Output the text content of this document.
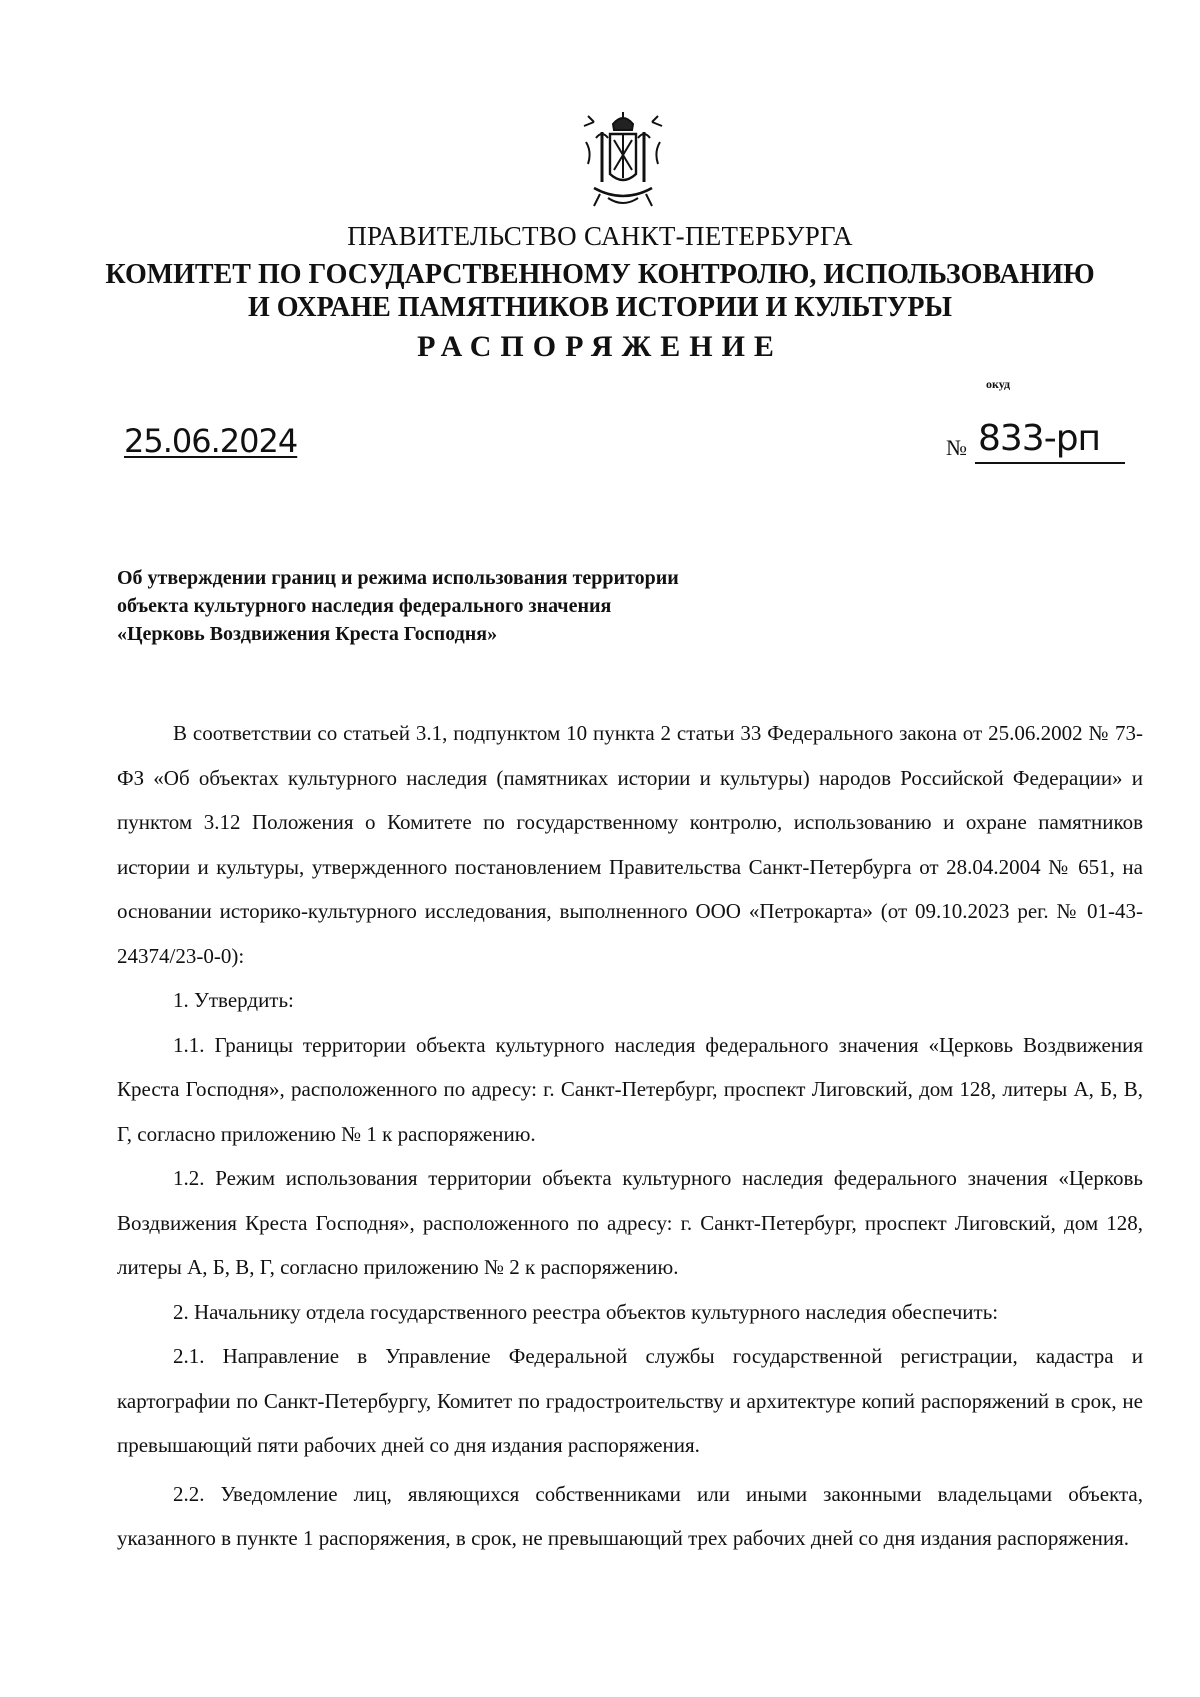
ПРАВИТЕЛЬСТВО САНКТ-ПЕТЕРБУРГА
КОМИТЕТ ПО ГОСУДАРСТВЕННОМУ КОНТРОЛЮ, ИСПОЛЬЗОВАНИЮ
И ОХРАНЕ ПАМЯТНИКОВ ИСТОРИИ И КУЛЬТУРЫ
РАСПОРЯЖЕНИЕ
окуд
25.06.2024	№ 833-рп
Об утверждении границ и режима использования территории
объекта культурного наследия федерального значения
«Церковь Воздвижения Креста Господня»

В соответствии со статьей 3.1, подпунктом 10 пункта 2 статьи 33 Федерального закона от 25.06.2002 № 73-ФЗ «Об объектах культурного наследия (памятниках истории и культуры) народов Российской Федерации» и пунктом 3.12 Положения о Комитете по государственному контролю, использованию и охране памятников истории и культуры, утвержденного постановлением Правительства Санкт-Петербурга от 28.04.2004 № 651, на основании историко-культурного исследования, выполненного ООО «Петрокарта» (от 09.10.2023 рег. № 01-43-24374/23-0-0):

1. Утвердить:

1.1. Границы территории объекта культурного наследия федерального значения «Церковь Воздвижения Креста Господня», расположенного по адресу: г. Санкт-Петербург, проспект Лиговский, дом 128, литеры А, Б, В, Г, согласно приложению № 1 к распоряжению.

1.2. Режим использования территории объекта культурного наследия федерального значения «Церковь Воздвижения Креста Господня», расположенного по адресу: г. Санкт-Петербург, проспект Лиговский, дом 128, литеры А, Б, В, Г, согласно приложению № 2 к распоряжению.

2. Начальнику отдела государственного реестра объектов культурного наследия обеспечить:

2.1. Направление в Управление Федеральной службы государственной регистрации, кадастра и картографии по Санкт-Петербургу, Комитет по градостроительству и архитектуре копий распоряжений в срок, не превышающий пяти рабочих дней со дня издания распоряжения.

2.2. Уведомление лиц, являющихся собственниками или иными законными владельцами объекта, указанного в пункте 1 распоряжения, в срок, не превышающий трех рабочих дней со дня издания распоряжения.
